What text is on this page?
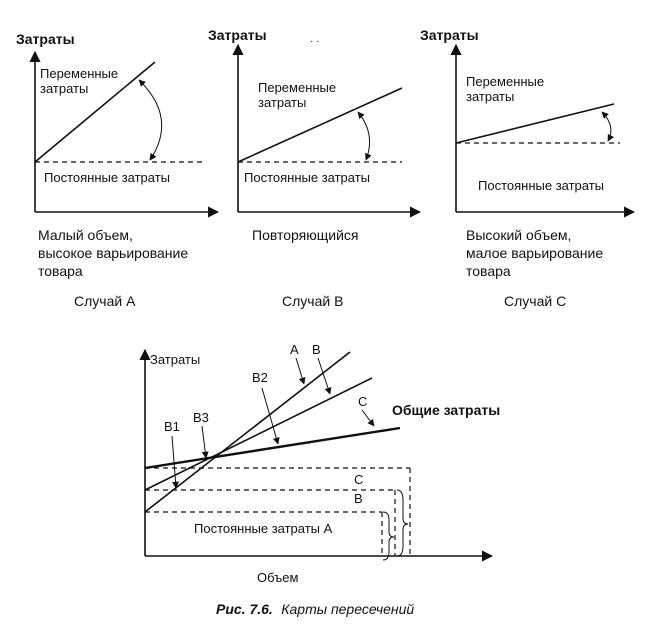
Затраты
Переменные
затраты
Постоянные затраты
Малый объем,
высокое варьирование
товара
Случай А
Затраты
Переменные
затраты
Постоянные затраты
Повторяющийся
Случай В
· ·	Затраты
Переменные
затраты
Постоянные затраты
Высокий объем,
малое варьирование
товара
Случай С
Затраты
Объем
А В
С
Общие затраты
В2
В1
В3
С
В
Постоянные затраты А
Рис. 7.6. Карты пересечений
